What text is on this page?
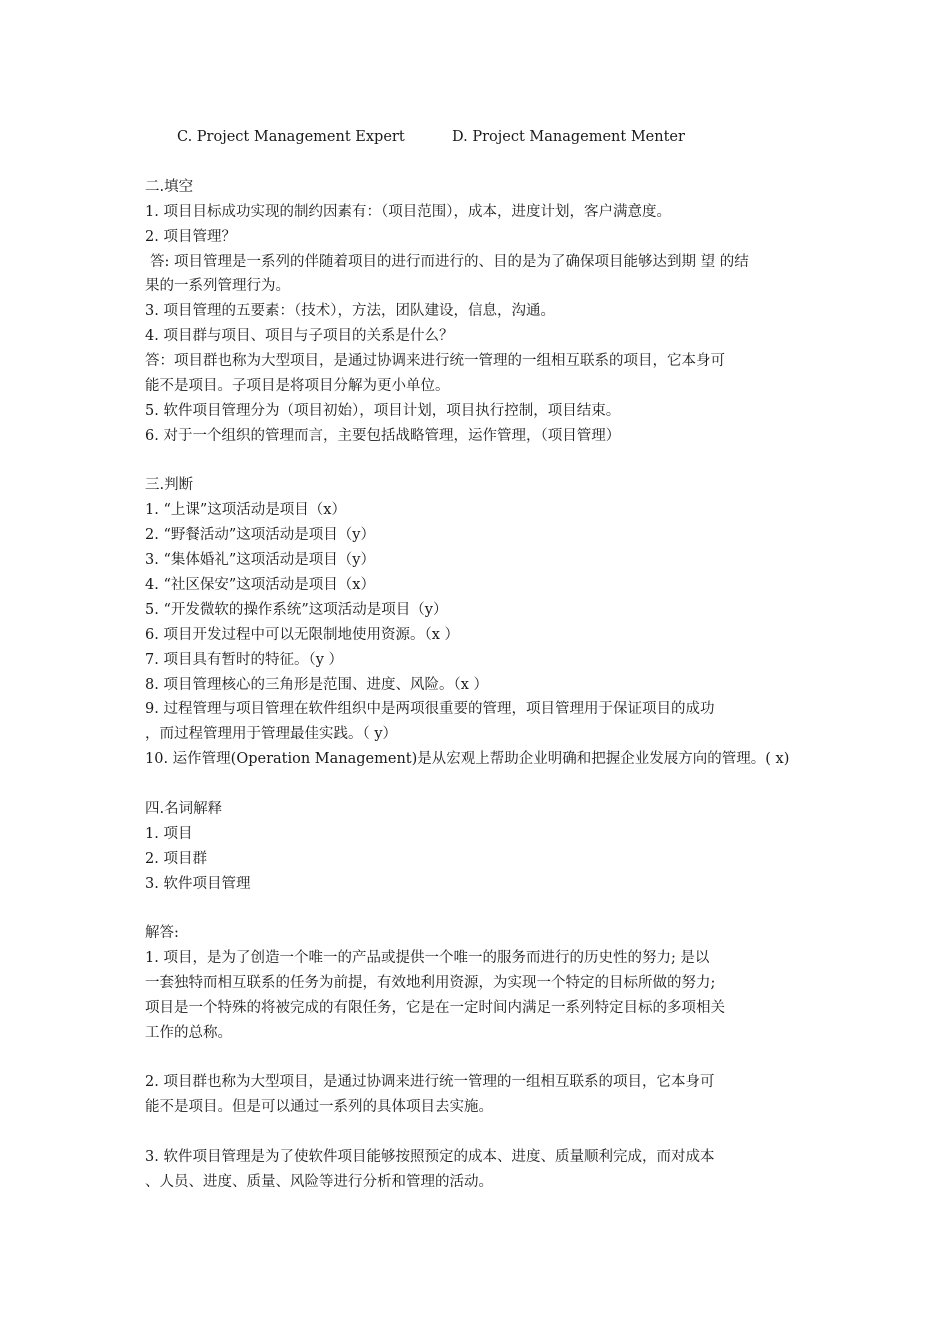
C. Project Management Expert	D. Project Management Menter
二.填空
1. 项目目标成功实现的制约因素有：（项目范围），成本，进度计划，客户满意度。
2. 项目管理？
答: 项目管理是一系列的伴随着项目的进行而进行的、目的是为了确保项目能够达到期 望 的结
果的一系列管理行为。
3. 项目管理的五要素：（技术），方法，团队建设，信息，沟通。
4. 项目群与项目、项目与子项目的关系是什么？
答：项目群也称为大型项目，是通过协调来进行统一管理的一组相互联系的项目，它本身可
能不是项目。子项目是将项目分解为更小单位。
5. 软件项目管理分为（项目初始），项目计划，项目执行控制，项目结束。
6. 对于一个组织的管理而言，主要包括战略管理，运作管理，（项目管理）
三.判断
1. “上课”这项活动是项目（x）
2. “野餐活动”这项活动是项目（y）
3. “集体婚礼”这项活动是项目（y）
4. “社区保安”这项活动是项目（x）
5. “开发微软的操作系统”这项活动是项目（y）
6. 项目开发过程中可以无限制地使用资源。（x ）
7. 项目具有暂时的特征。（y ）
8. 项目管理核心的三角形是范围、进度、风险。（x ）
9. 过程管理与项目管理在软件组织中是两项很重要的管理，项目管理用于保证项目的成功
，而过程管理用于管理最佳实践。（ y）
10. 运作管理(Operation Management)是从宏观上帮助企业明确和把握企业发展方向的管理。( x)
四.名词解释
1. 项目
2. 项目群
3. 软件项目管理
解答:
1. 项目，是为了创造一个唯一的产品或提供一个唯一的服务而进行的历史性的努力; 是以
一套独特而相互联系的任务为前提，有效地利用资源，为实现一个特定的目标所做的努力;
项目是一个特殊的将被完成的有限任务，它是在一定时间内满足一系列特定目标的多项相关
工作的总称。
2. 项目群也称为大型项目，是通过协调来进行统一管理的一组相互联系的项目，它本身可
能不是项目。但是可以通过一系列的具体项目去实施。
3. 软件项目管理是为了使软件项目能够按照预定的成本、进度、质量顺利完成，而对成本
、人员、进度、质量、风险等进行分析和管理的活动。
